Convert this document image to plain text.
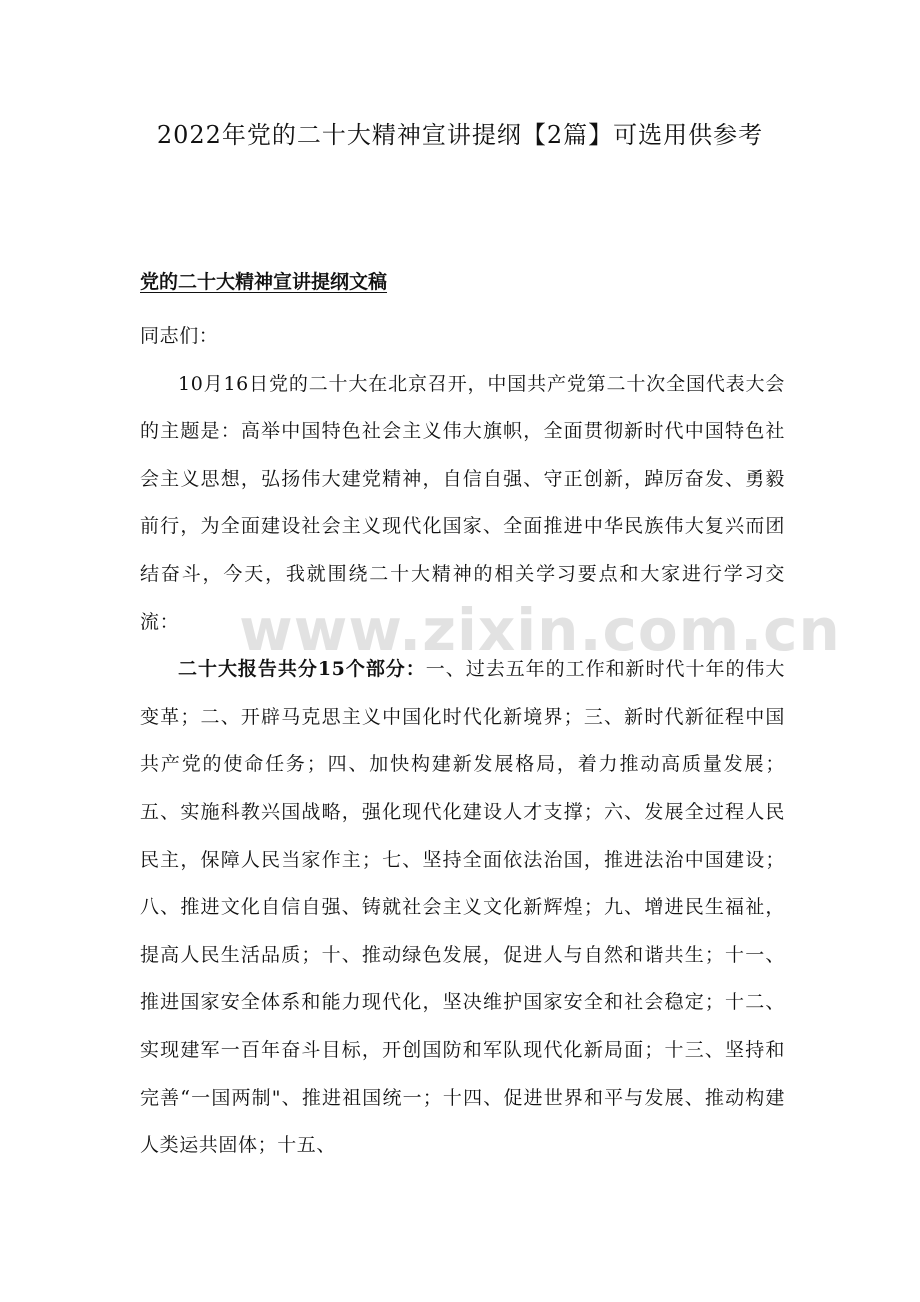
2022年党的二十大精神宣讲提纲【2篇】可选用供参考
党的二十大精神宣讲提纲文稿

同志们：

10月16日党的二十大在北京召开，中国共产党第二十次全国代表大会的主题是：高举中国特色社会主义伟大旗帜，全面贯彻新时代中国特色社会主义思想，弘扬伟大建党精神，自信自强、守正创新，踔厉奋发、勇毅前行，为全面建设社会主义现代化国家、全面推进中华民族伟大复兴而团结奋斗，今天，我就围绕二十大精神的相关学习要点和大家进行学习交流：

二十大报告共分15个部分：一、过去五年的工作和新时代十年的伟大变革；二、开辟马克思主义中国化时代化新境界；三、新时代新征程中国共产党的使命任务；四、加快构建新发展格局，着力推动高质量发展；五、实施科教兴国战略，强化现代化建设人才支撑；六、发展全过程人民民主，保障人民当家作主；七、坚持全面依法治国，推进法治中国建设；八、推进文化自信自强、铸就社会主义文化新辉煌；九、增进民生福祉，提高人民生活品质；十、推动绿色发展，促进人与自然和谐共生；十一、推进国家安全体系和能力现代化，坚决维护国家安全和社会稳定；十二、实现建军一百年奋斗目标，开创国防和军队现代化新局面；十三、坚持和完善“一国两制"、推进祖国统一；十四、促进世界和平与发展、推动构建人类运共固体；十五、

www.zixin.com.cn
